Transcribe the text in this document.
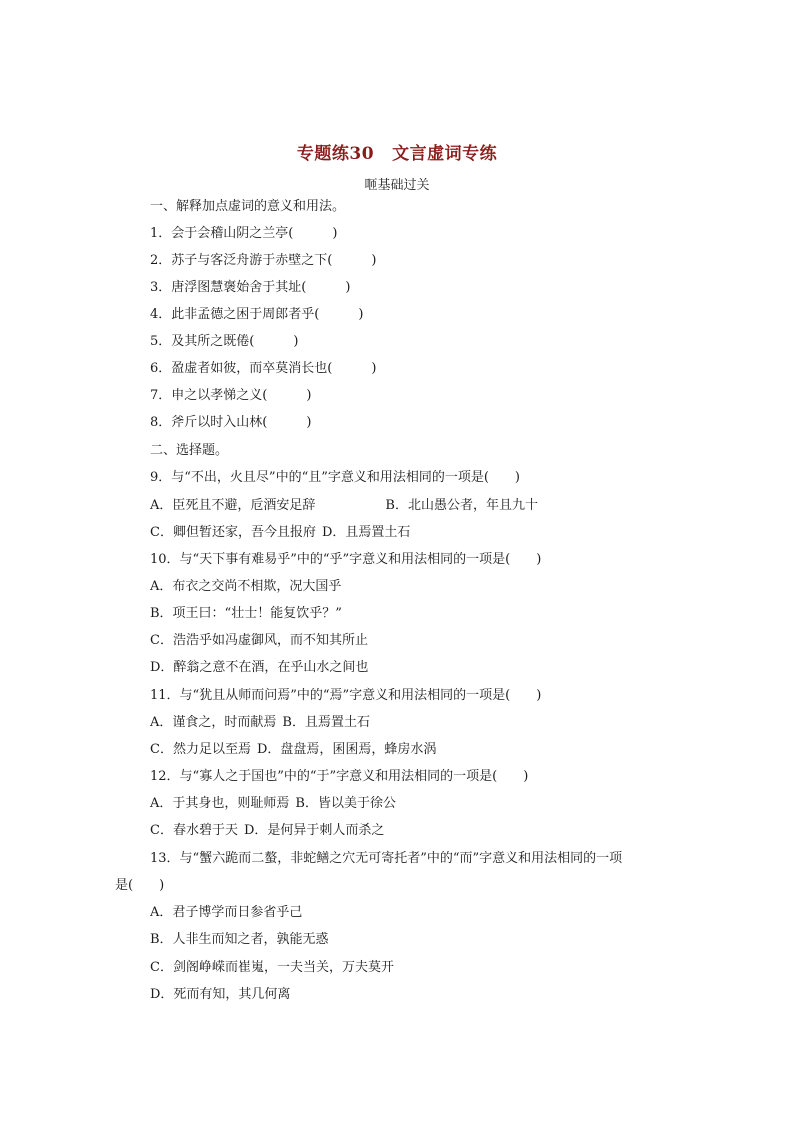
专题练30 文言虚词专练
咂基础过关
一、解释加点虚词的意义和用法。
1．会于会稽山阴之兰亭(　　　)
2．苏子与客泛舟游于赤壁之下(　　　)
3．唐浮图慧褒始舍于其址(　　　)
4．此非孟德之困于周郎者乎(　　　)
5．及其所之既倦(　　　)
6．盈虚者如彼，而卒莫消长也(　　　)
7．申之以孝悌之义(　　　)
8．斧斤以时入山林(　　　)
二、选择题。
9．与“不出，火且尽”中的“且”字意义和用法相同的一项是(　　)
A．臣死且不避，卮酒安足辞	B．北山愚公者，年且九十
C．卿但暂还家，吾今且报府 D．且焉置土石
10．与“天下事有难易乎”中的“乎”字意义和用法相同的一项是(　　)
A．布衣之交尚不相欺，况大国乎
B．项王曰：“壮士！能复饮乎？”
C．浩浩乎如冯虚御风，而不知其所止
D．醉翁之意不在酒，在乎山水之间也
11．与“犹且从师而问焉”中的“焉”字意义和用法相同的一项是(　　)
A．谨食之，时而献焉 B．且焉置土石
C．然力足以至焉 D．盘盘焉，囷囷焉，蜂房水涡
12．与“寡人之于国也”中的“于”字意义和用法相同的一项是(　　)
A．于其身也，则耻师焉 B．皆以美于徐公
C．春水碧于天 D．是何异于刺人而杀之
13．与“蟹六跪而二螯，非蛇鳝之穴无可寄托者”中的“而”字意义和用法相同的一项
是(　　)
A．君子博学而日参省乎己
B．人非生而知之者，孰能无惑
C．剑阁峥嵘而崔嵬，一夫当关，万夫莫开
D．死而有知，其几何离
